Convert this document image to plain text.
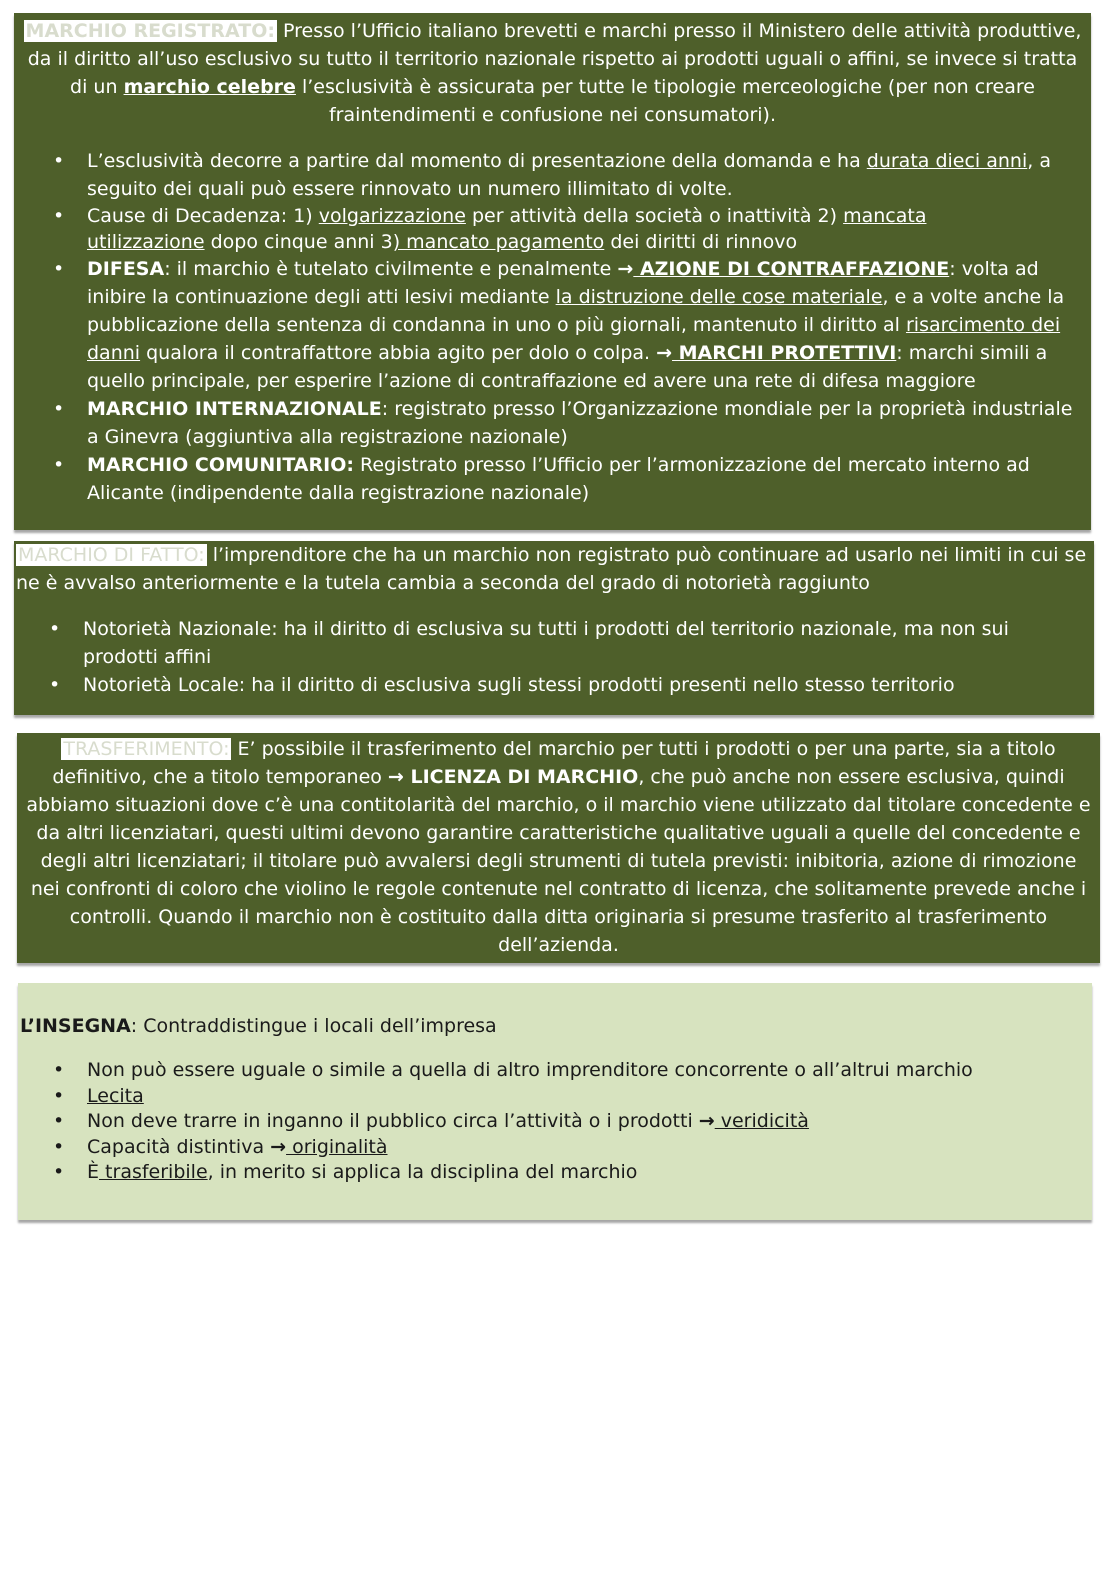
MARCHIO REGISTRATO: Presso l’Ufficio italiano brevetti e marchi presso il Ministero delle attività produttive, da il diritto all’uso esclusivo su tutto il territorio nazionale rispetto ai prodotti uguali o affini, se invece si tratta di un marchio celebre l’esclusività è assicurata per tutte le tipologie merceologiche (per non creare fraintendimenti e confusione nei consumatori).

• L’esclusività decorre a partire dal momento di presentazione della domanda e ha durata dieci anni, a seguito dei quali può essere rinnovato un numero illimitato di volte.
• Cause di Decadenza: 1) volgarizzazione per attività della società o inattività 2) mancata utilizzazione dopo cinque anni 3) mancato pagamento dei diritti di rinnovo
• DIFESA: il marchio è tutelato civilmente e penalmente → AZIONE DI CONTRAFFAZIONE: volta ad inibire la continuazione degli atti lesivi mediante la distruzione delle cose materiale, e a volte anche la pubblicazione della sentenza di condanna in uno o più giornali, mantenuto il diritto al risarcimento dei danni qualora il contraffattore abbia agito per dolo o colpa. → MARCHI PROTETTIVI: marchi simili a quello principale, per esperire l’azione di contraffazione ed avere una rete di difesa maggiore
• MARCHIO INTERNAZIONALE: registrato presso l’Organizzazione mondiale per la proprietà industriale a Ginevra (aggiuntiva alla registrazione nazionale)
• MARCHIO COMUNITARIO: Registrato presso l’Ufficio per l’armonizzazione del mercato interno ad Alicante (indipendente dalla registrazione nazionale)

MARCHIO DI FATTO: l’imprenditore che ha un marchio non registrato può continuare ad usarlo nei limiti in cui se ne è avvalso anteriormente e la tutela cambia a seconda del grado di notorietà raggiunto

• Notorietà Nazionale: ha il diritto di esclusiva su tutti i prodotti del territorio nazionale, ma non sui prodotti affini
• Notorietà Locale: ha il diritto di esclusiva sugli stessi prodotti presenti nello stesso territorio

TRASFERIMENTO: E’ possibile il trasferimento del marchio per tutti i prodotti o per una parte, sia a titolo definitivo, che a titolo temporaneo → LICENZA DI MARCHIO, che può anche non essere esclusiva, quindi abbiamo situazioni dove c’è una contitolarità del marchio, o il marchio viene utilizzato dal titolare concedente e da altri licenziatari, questi ultimi devono garantire caratteristiche qualitative uguali a quelle del concedente e degli altri licenziatari; il titolare può avvalersi degli strumenti di tutela previsti: inibitoria, azione di rimozione nei confronti di coloro che violino le regole contenute nel contratto di licenza, che solitamente prevede anche i controlli. Quando il marchio non è costituito dalla ditta originaria si presume trasferito al trasferimento dell’azienda.

L’INSEGNA: Contraddistingue i locali dell’impresa

• Non può essere uguale o simile a quella di altro imprenditore concorrente o all’altrui marchio
• Lecita
• Non deve trarre in inganno il pubblico circa l’attività o i prodotti → veridicità
• Capacità distintiva → originalità
• È trasferibile, in merito si applica la disciplina del marchio
